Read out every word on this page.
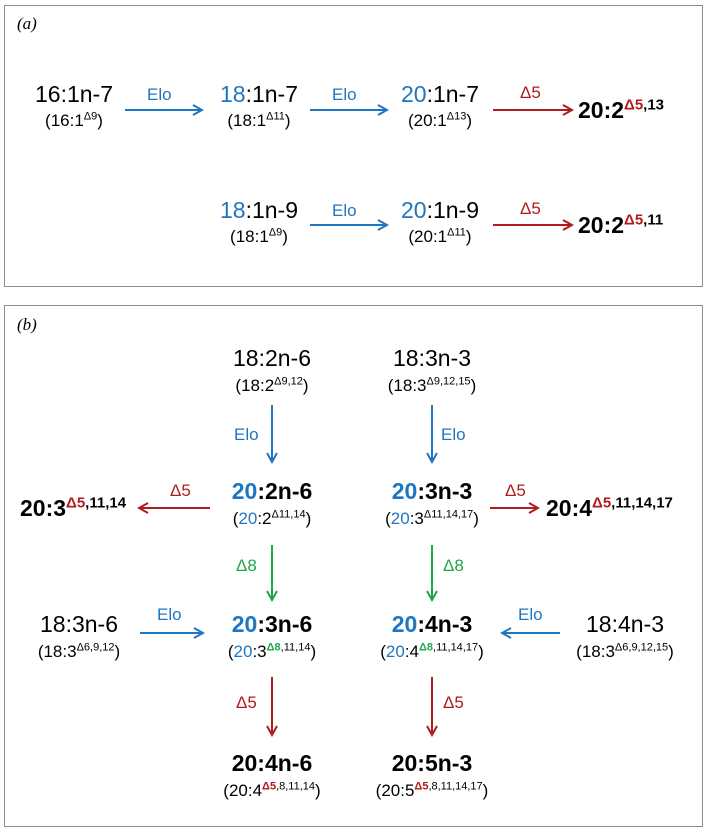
(a)
(b)
16:1n-7
$(16:1^{\Delta 9})$
18:1n-7
$(18:1^{\Delta 11})$
20:1n-7
$(20:1^{\Delta 13})$	$20:2^{\Delta 5,13}$
18:1n-9
$(18:1^{\Delta 9})$
20:1n-9
$(20:1^{\Delta 11})$	$20:2^{\Delta 5,11}$
Elo	Elo	Δ5
Elo	Δ5
18:2n-6
$(18:2^{\Delta 9,12})$
18:3n-3
$(18:3^{\Delta 9,12,15})$
20:2n-6
$(20:2^{\Delta 11,14})$
20:3n-3
$(20:3^{\Delta 11,14,17})$
$20:3^{\Delta 5,11,14}$	$20:4^{\Delta 5,11,14,17}$
18:3n-6
$(18:3^{\Delta 6,9,12})$
18:4n-3
$(18:3^{\Delta 6,9,12,15})$
20:3n-6
$(20:3^{\Delta 8,11,14})$
20:4n-3
$(20:4^{\Delta 8,11,14,17})$
20:4n-6
$(20:4^{\Delta 5,8,11,14})$
20:5n-3
$(20:5^{\Delta 5,8,11,14,17})$
Elo	Elo
Δ5	Δ5
Δ8	Δ8
Elo	Elo
Δ5	Δ5
